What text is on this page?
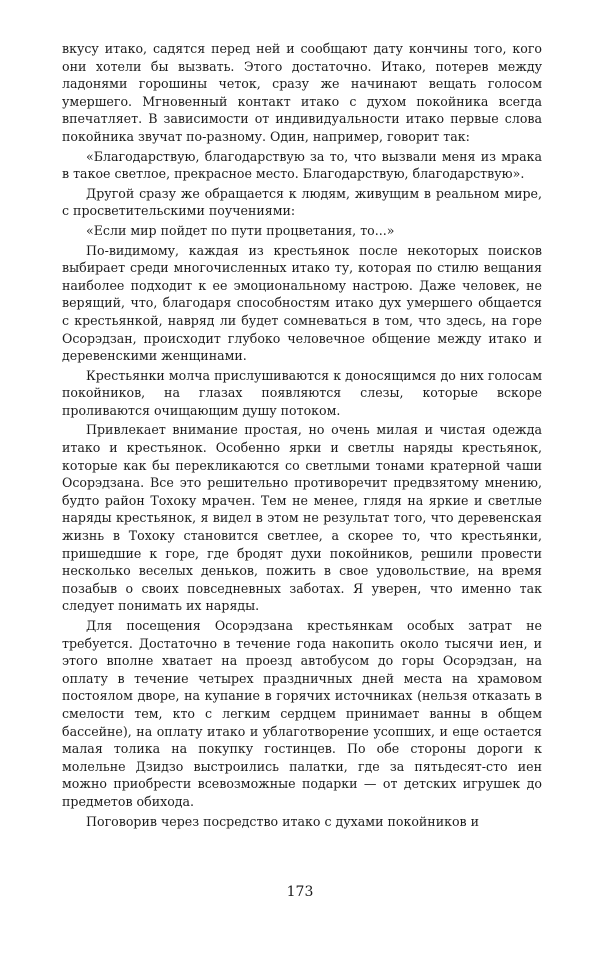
вкусу итако, садятся перед ней и сообщают дату кончины того, кого они хотели бы вызвать. Этого достаточно. Итако, потерев между ладонями горошины четок, сразу же начинают вещать голосом умершего. Мгновенный контакт итако с духом покойника всегда впечатляет. В зависимости от индивидуальности итако первые слова покойника звучат по-разному. Один, например, говорит так:

«Благодарствую, благодарствую за то, что вызвали меня из мрака в такое светлое, прекрасное место. Благодарствую, благодарствую».

Другой сразу же обращается к людям, живущим в реальном мире, с просветительскими поучениями:

«Если мир пойдет по пути процветания, то...»

По-видимому, каждая из крестьянок после некоторых поисков выбирает среди многочисленных итако ту, которая по стилю вещания наиболее подходит к ее эмоциональному настрою. Даже человек, не верящий, что, благодаря способностям итако дух умершего общается с крестьянкой, навряд ли будет сомневаться в том, что здесь, на горе Осорэдзан, происходит глубоко человечное общение между итако и деревенскими женщинами.

Крестьянки молча прислушиваются к доносящимся до них голосам покойников, на глазах появляются слезы, которые вскоре проливаются очищающим душу потоком.

Привлекает внимание простая, но очень милая и чистая одежда итако и крестьянок. Особенно ярки и светлы наряды крестьянок, которые как бы перекликаются со светлыми тонами кратерной чаши Осорэдзана. Все это решительно противоречит предвзятому мнению, будто район Тохоку мрачен. Тем не менее, глядя на яркие и светлые наряды крестьянок, я видел в этом не результат того, что деревенская жизнь в Тохоку становится светлее, а скорее то, что крестьянки, пришедшие к горе, где бродят духи покойников, решили провести несколько веселых деньков, пожить в свое удовольствие, на время позабыв о своих повседневных заботах. Я уверен, что именно так следует понимать их наряды.

Для посещения Осорэдзана крестьянкам особых затрат не требуется. Достаточно в течение года накопить около тысячи иен, и этого вполне хватает на проезд автобусом до горы Осорэдзан, на оплату в течение четырех праздничных дней места на храмовом постоялом дворе, на купание в горячих источниках (нельзя отказать в смелости тем, кто с легким сердцем принимает ванны в общем бассейне), на оплату итако и ублаготворение усопших, и еще остается малая толика на покупку гостинцев. По обе стороны дороги к молельне Дзидзо выстроились палатки, где за пятьдесят-сто иен можно приобрести всевозможные подарки — от детских игрушек до предметов обихода.

Поговорив через посредство итако с духами покойников и

173
